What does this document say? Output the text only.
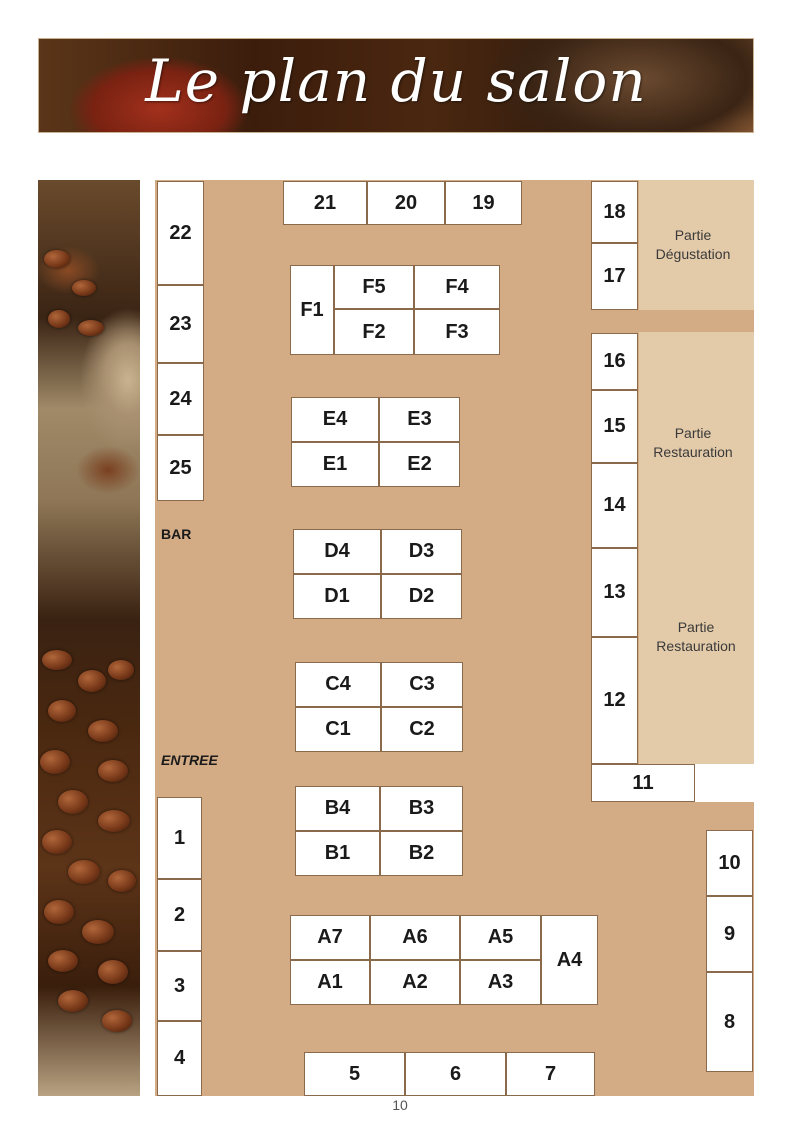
Le plan du salon
Partie Dégustation
Partie Restauration
Partie Restauration
BAR
ENTREE
22
23
24
25
1
2
3
4
21	20	19
5	6	7
18
17
16
15
14
13
12
11
10
9
8
F1
F5	F4
F2	F3
E4	E3
E1	E2
D4	D3
D1	D2
C4	C3
C1	C2
B4	B3
B1	B2
A7	A6	A5
A4
A1	A2	A3
10
